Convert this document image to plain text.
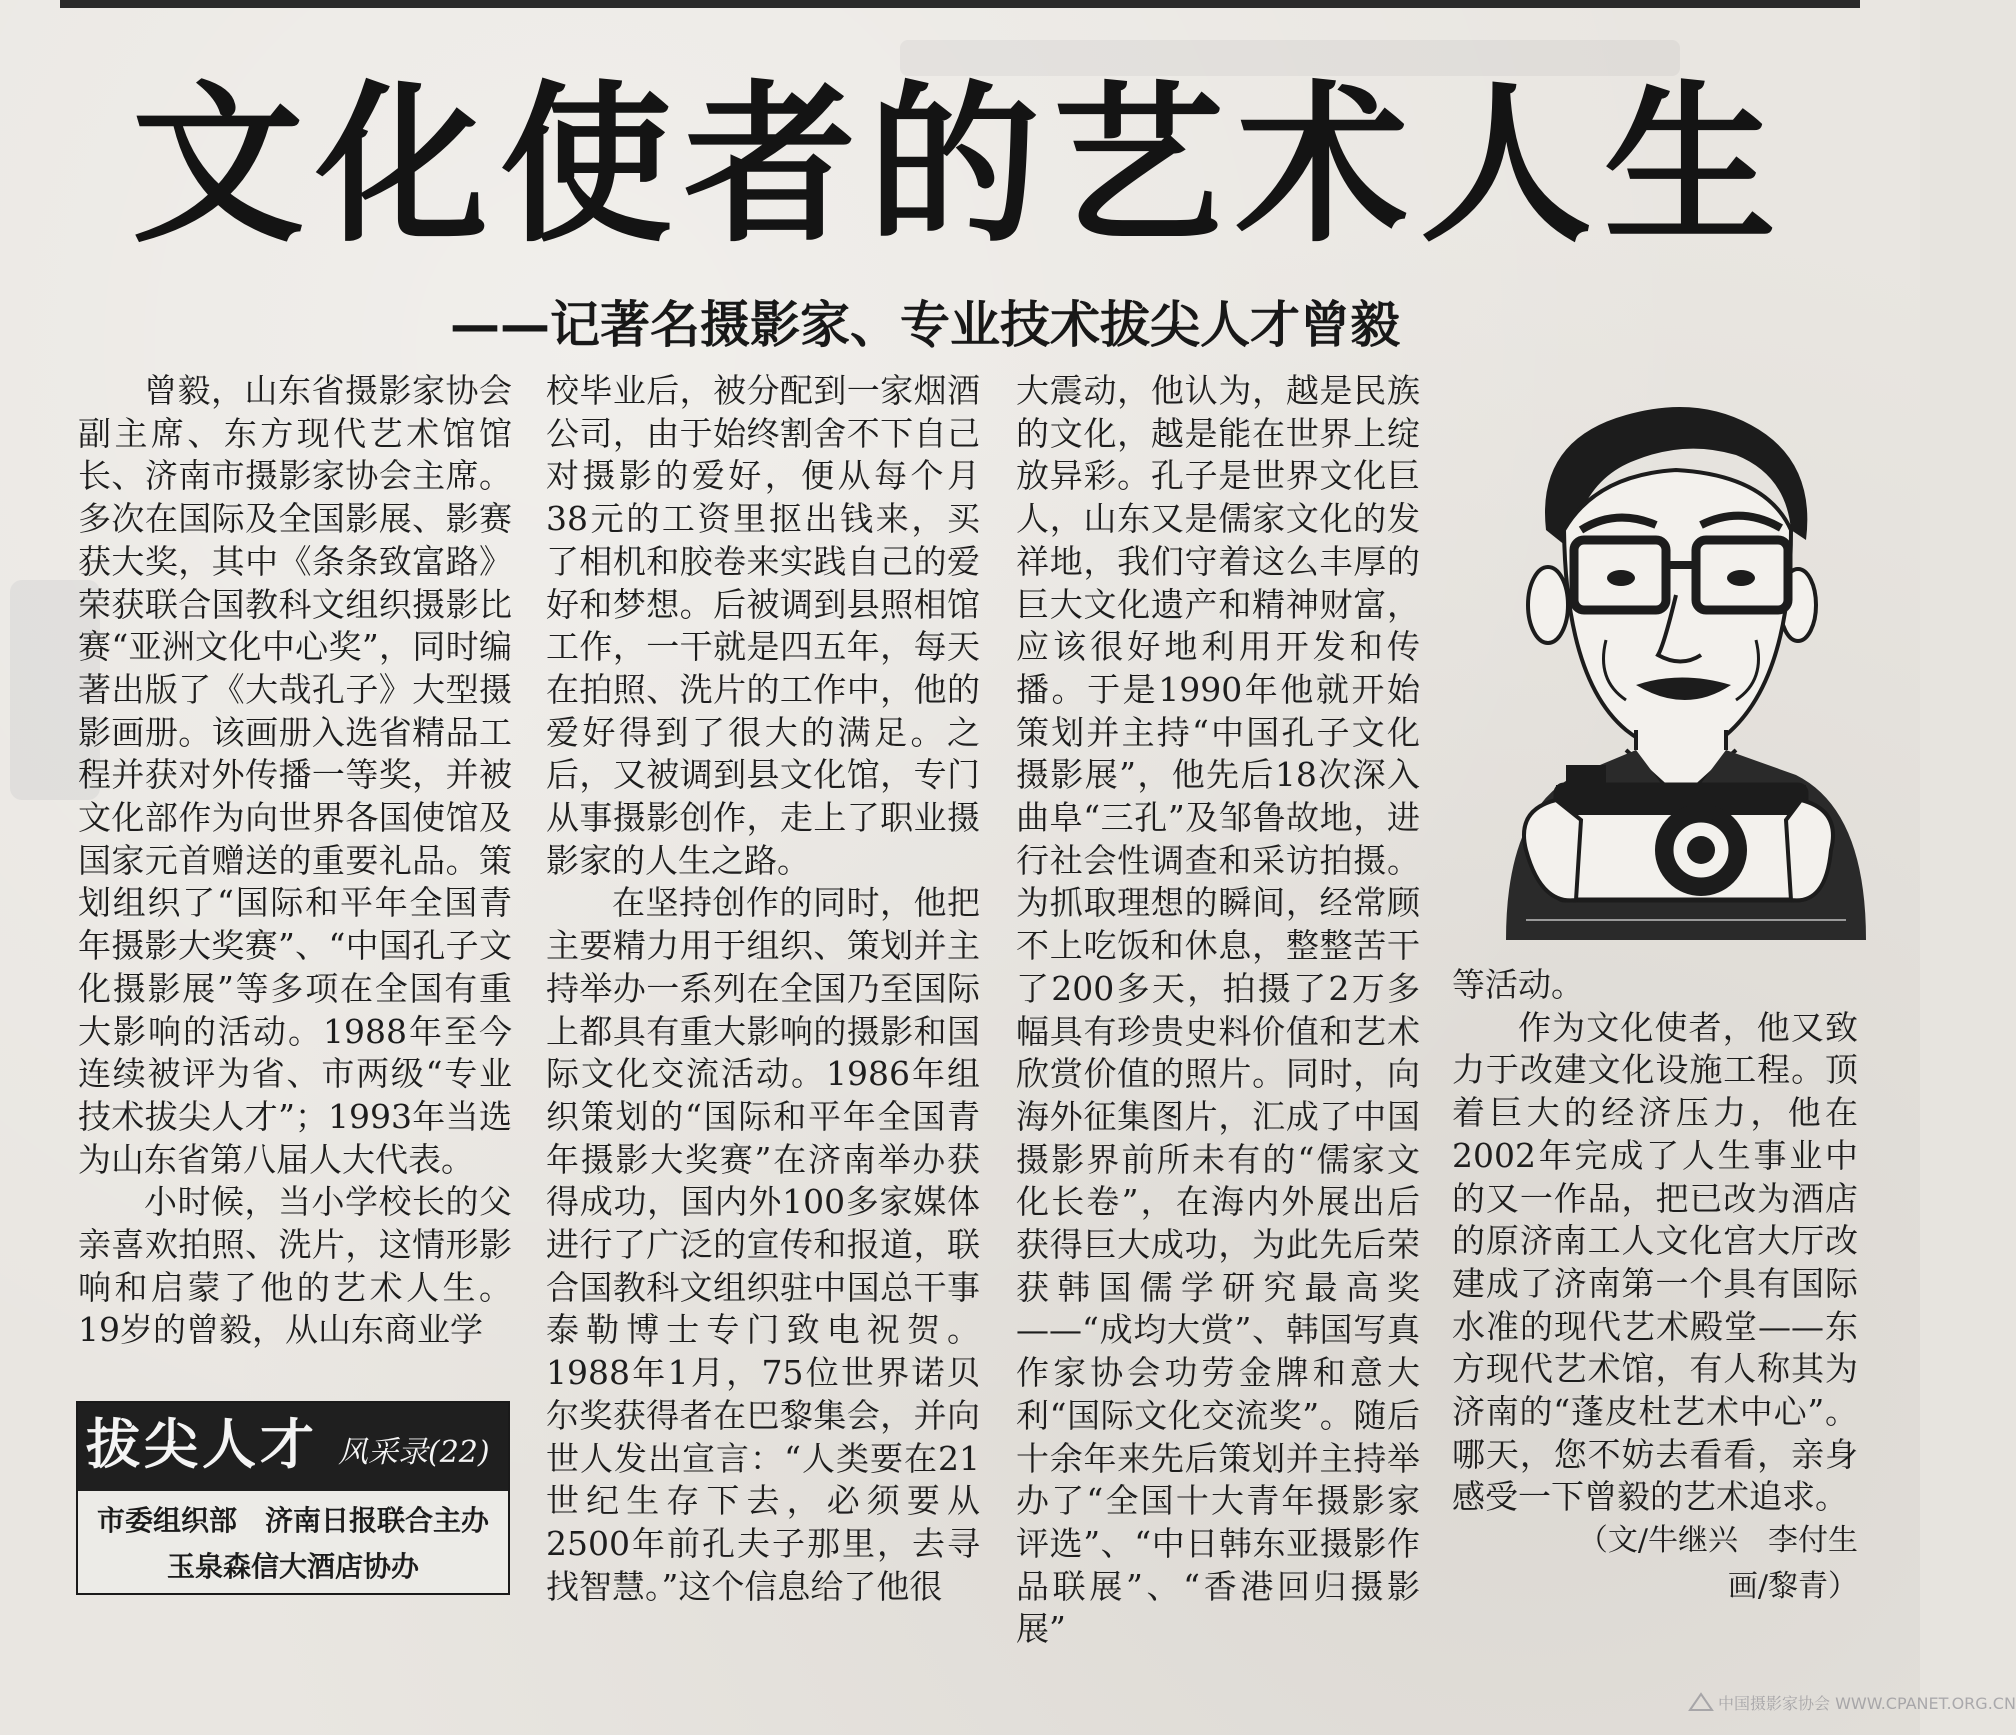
文化使者的艺术人生
——记著名摄影家、专业技术拔尖人才曾毅

曾毅，山东省摄影家协会副主席、东方现代艺术馆馆长、济南市摄影家协会主席。多次在国际及全国影展、影赛获大奖，其中《条条致富路》荣获联合国教科文组织摄影比赛“亚洲文化中心奖”，同时编著出版了《大哉孔子》大型摄影画册。该画册入选省精品工程并获对外传播一等奖，并被文化部作为向世界各国使馆及国家元首赠送的重要礼品。策划组织了“国际和平年全国青年摄影大奖赛”、“中国孔子文化摄影展”等多项在全国有重大影响的活动。1988年至今连续被评为省、市两级“专业技术拔尖人才”；1993年当选为山东省第八届人大代表。

小时候，当小学校长的父亲喜欢拍照、洗片，这情形影响和启蒙了他的艺术人生。19岁的曾毅，从山东商业学

校毕业后，被分配到一家烟酒公司，由于始终割舍不下自己对摄影的爱好，便从每个月38元的工资里抠出钱来，买了相机和胶卷来实践自己的爱好和梦想。后被调到县照相馆工作，一干就是四五年，每天在拍照、洗片的工作中，他的爱好得到了很大的满足。之后，又被调到县文化馆，专门从事摄影创作，走上了职业摄影家的人生之路。

在坚持创作的同时，他把主要精力用于组织、策划并主持举办一系列在全国乃至国际上都具有重大影响的摄影和国际文化交流活动。1986年组织策划的“国际和平年全国青年摄影大奖赛”在济南举办获得成功，国内外100多家媒体进行了广泛的宣传和报道，联合国教科文组织驻中国总干事泰勒博士专门致电祝贺。1988年1月，75位世界诺贝尔奖获得者在巴黎集会，并向世人发出宣言：“人类要在21世纪生存下去，必须要从2500年前孔夫子那里，去寻找智慧。”这个信息给了他很

大震动，他认为，越是民族的文化，越是能在世界上绽放异彩。孔子是世界文化巨人，山东又是儒家文化的发祥地，我们守着这么丰厚的巨大文化遗产和精神财富，应该很好地利用开发和传播。于是1990年他就开始策划并主持“中国孔子文化摄影展”，他先后18次深入曲阜“三孔”及邹鲁故地，进行社会性调查和采访拍摄。为抓取理想的瞬间，经常顾不上吃饭和休息，整整苦干了200多天，拍摄了2万多幅具有珍贵史料价值和艺术欣赏价值的照片。同时，向海外征集图片，汇成了中国摄影界前所未有的“儒家文化长卷”，在海内外展出后获得巨大成功，为此先后荣获韩国儒学研究最高奖——“成均大赏”、韩国写真作家协会功劳金牌和意大利“国际文化交流奖”。随后十余年来先后策划并主持举办了“全国十大青年摄影家评选”、“中日韩东亚摄影作品联展”、“香港回归摄影展”

等活动。

作为文化使者，他又致力于改建文化设施工程。顶着巨大的经济压力，他在2002年完成了人生事业中的又一作品，把已改为酒店的原济南工人文化宫大厅改建成了济南第一个具有国际水准的现代艺术殿堂——东方现代艺术馆，有人称其为济南的“蓬皮杜艺术中心”。哪天，您不妨去看看，亲身感受一下曾毅的艺术追求。

（文/牛继兴　李付生
画/黎青）
拔尖人才 风采录(22)
市委组织部　济南日报联合主办
玉泉森信大酒店协办
中国摄影家协会 WWW.CPANET.ORG.CN
